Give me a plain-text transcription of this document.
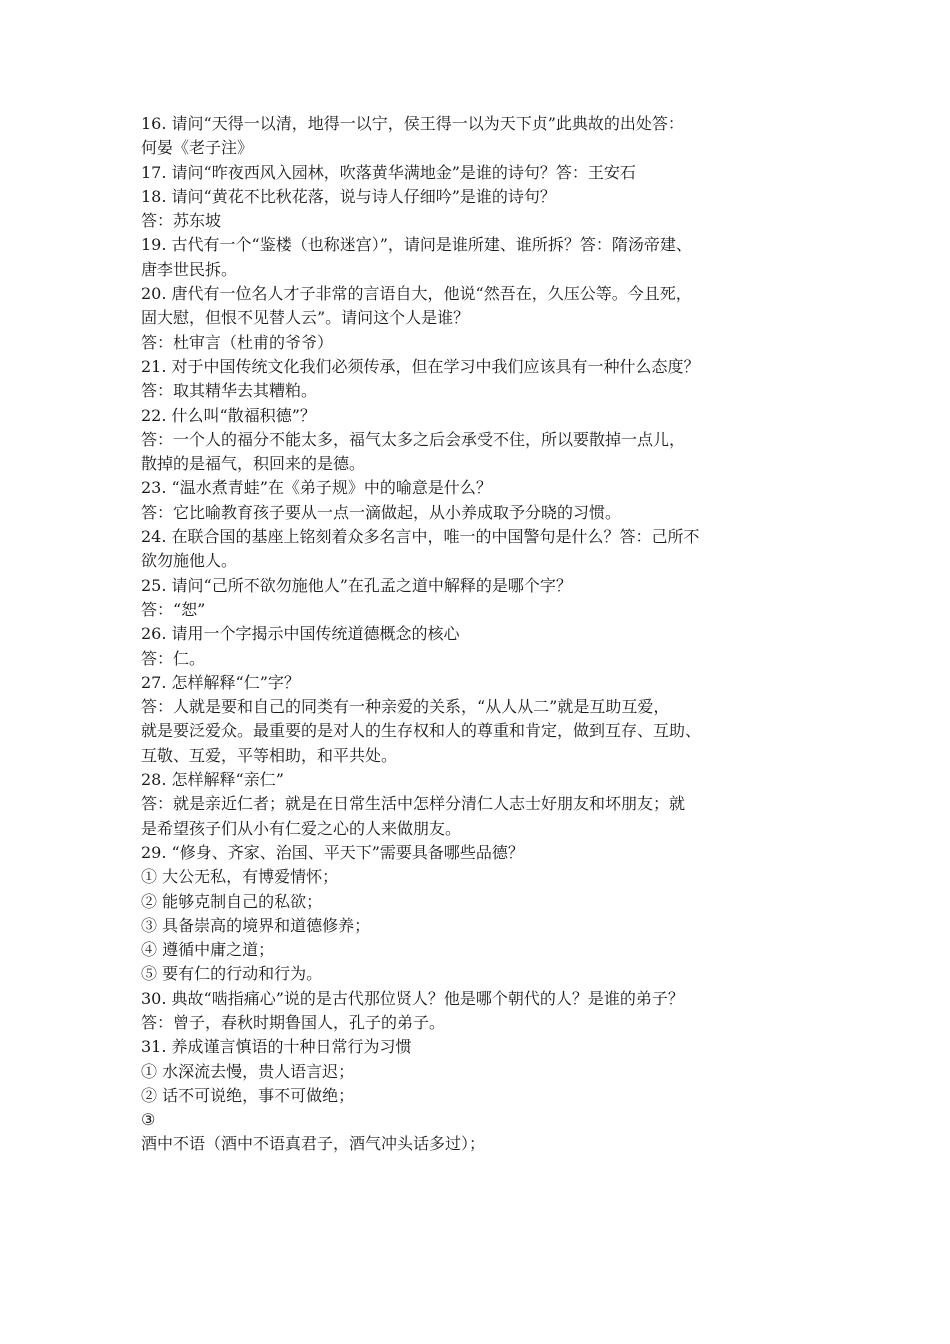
16. 请问“天得一以清，地得一以宁，侯王得一以为天下贞”此典故的出处答：
何晏《老子注》
17. 请问“昨夜西风入园林，吹落黄华满地金”是谁的诗句？答：王安石
18. 请问“黄花不比秋花落，说与诗人仔细吟”是谁的诗句？
答：苏东坡
19. 古代有一个“鉴楼（也称迷宫）”，请问是谁所建、谁所拆？答：隋汤帝建、
唐李世民拆。
20. 唐代有一位名人才子非常的言语自大，他说“然吾在，久压公等。今且死，
固大慰，但恨不见替人云”。请问这个人是谁？
答：杜审言（杜甫的爷爷）
21. 对于中国传统文化我们必须传承，但在学习中我们应该具有一种什么态度？
答：取其精华去其糟粕。
22. 什么叫“散福积德”？
答：一个人的福分不能太多，福气太多之后会承受不住，所以要散掉一点儿，
散掉的是福气，积回来的是德。
23. “温水煮青蛙”在《弟子规》中的喻意是什么？
答：它比喻教育孩子要从一点一滴做起，从小养成取予分晓的习惯。
24. 在联合国的基座上铭刻着众多名言中，唯一的中国警句是什么？答：己所不
欲勿施他人。
25. 请问“己所不欲勿施他人”在孔孟之道中解释的是哪个字？
答：“恕”
26. 请用一个字揭示中国传统道德概念的核心
答：仁。
27. 怎样解释“仁”字？
答：人就是要和自己的同类有一种亲爱的关系，“从人从二”就是互助互爱，
就是要泛爱众。最重要的是对人的生存权和人的尊重和肯定，做到互存、互助、
互敬、互爱，平等相助，和平共处。
28. 怎样解释“亲仁”
答：就是亲近仁者；就是在日常生活中怎样分清仁人志士好朋友和坏朋友；就
是希望孩子们从小有仁爱之心的人来做朋友。
29. “修身、齐家、治国、平天下”需要具备哪些品德？
① 大公无私，有博爱情怀；
② 能够克制自己的私欲；
③ 具备崇高的境界和道德修养；
④ 遵循中庸之道；
⑤ 要有仁的行动和行为。
30. 典故“啮指痛心”说的是古代那位贤人？他是哪个朝代的人？是谁的弟子？
答：曾子，春秋时期鲁国人，孔子的弟子。
31. 养成谨言慎语的十种日常行为习惯
① 水深流去慢，贵人语言迟；
② 话不可说绝，事不可做绝；
③
酒中不语（酒中不语真君子，酒气冲头话多过）；
